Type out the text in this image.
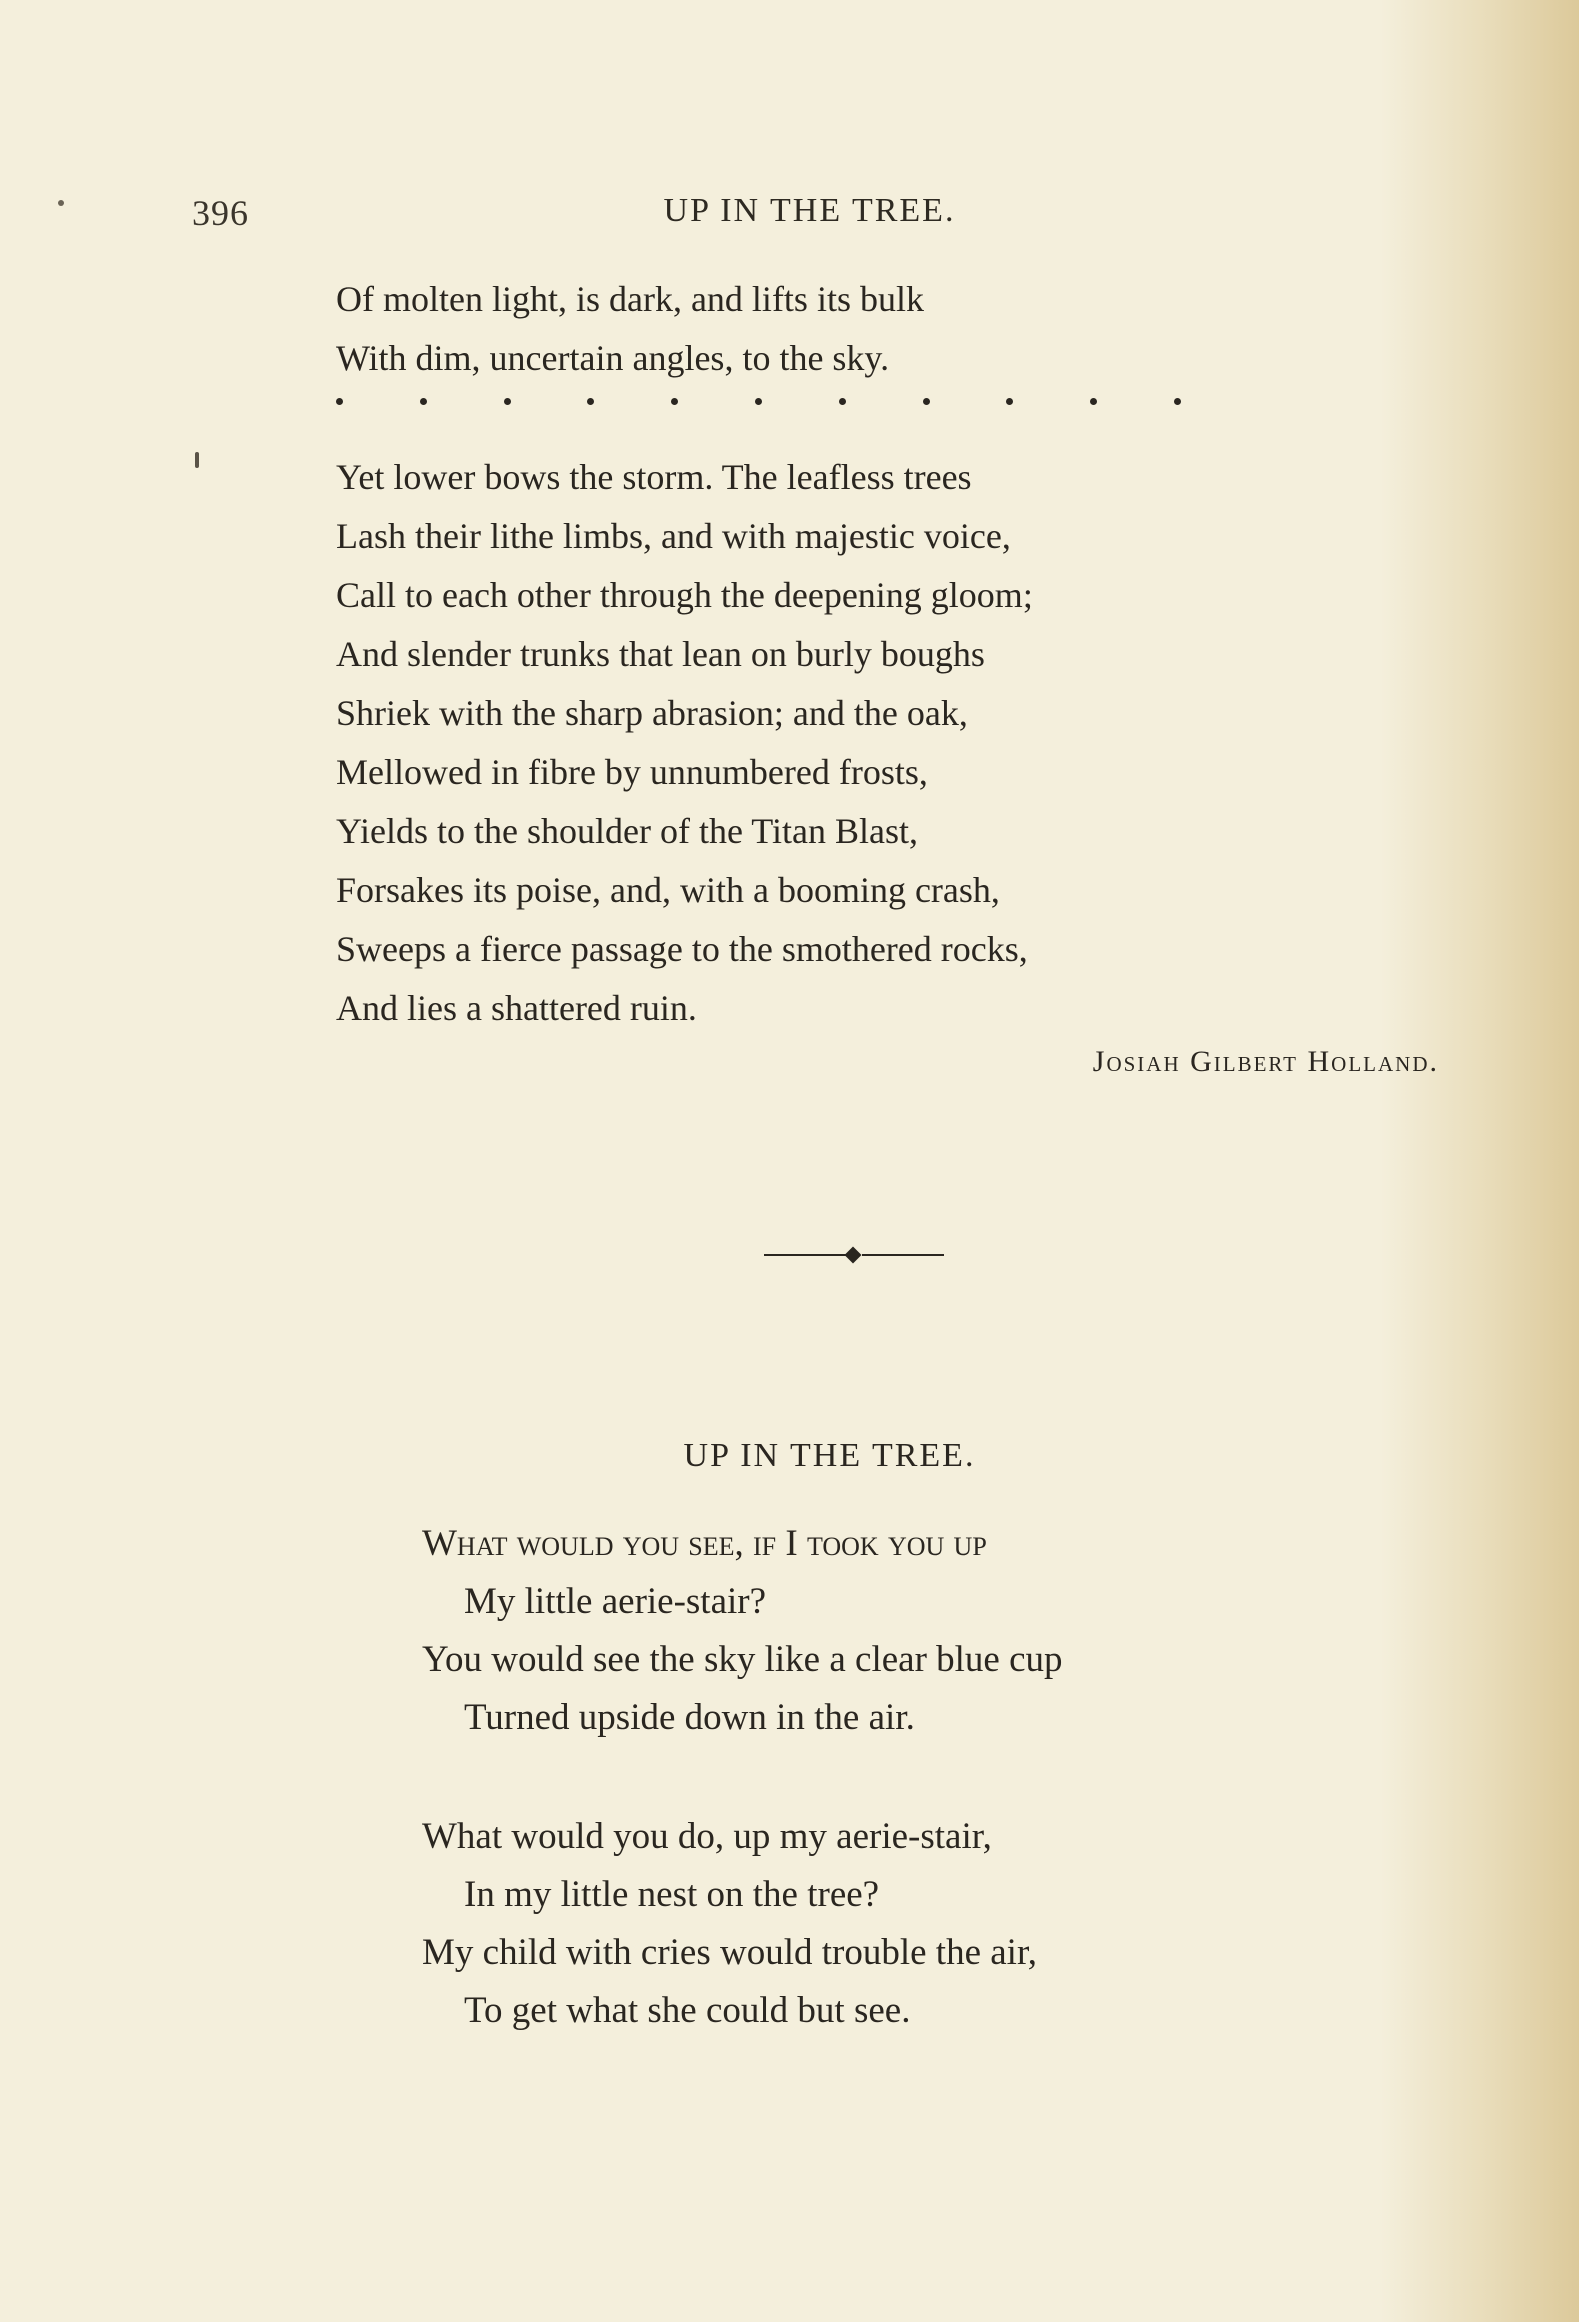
396	UP IN THE TREE.
Of molten light, is dark, and lifts its bulk
With dim, uncertain angles, to the sky.
Yet lower bows the storm. The leafless trees
Lash their lithe limbs, and with majestic voice,
Call to each other through the deepening gloom;
And slender trunks that lean on burly boughs
Shriek with the sharp abrasion; and the oak,
Mellowed in fibre by unnumbered frosts,
Yields to the shoulder of the Titan Blast,
Forsakes its poise, and, with a booming crash,
Sweeps a fierce passage to the smothered rocks,
And lies a shattered ruin.
Josiah Gilbert Holland.
UP IN THE TREE.
What would you see, if I took you up
My little aerie-stair?
You would see the sky like a clear blue cup
Turned upside down in the air.
What would you do, up my aerie-stair,
In my little nest on the tree?
My child with cries would trouble the air,
To get what she could but see.
